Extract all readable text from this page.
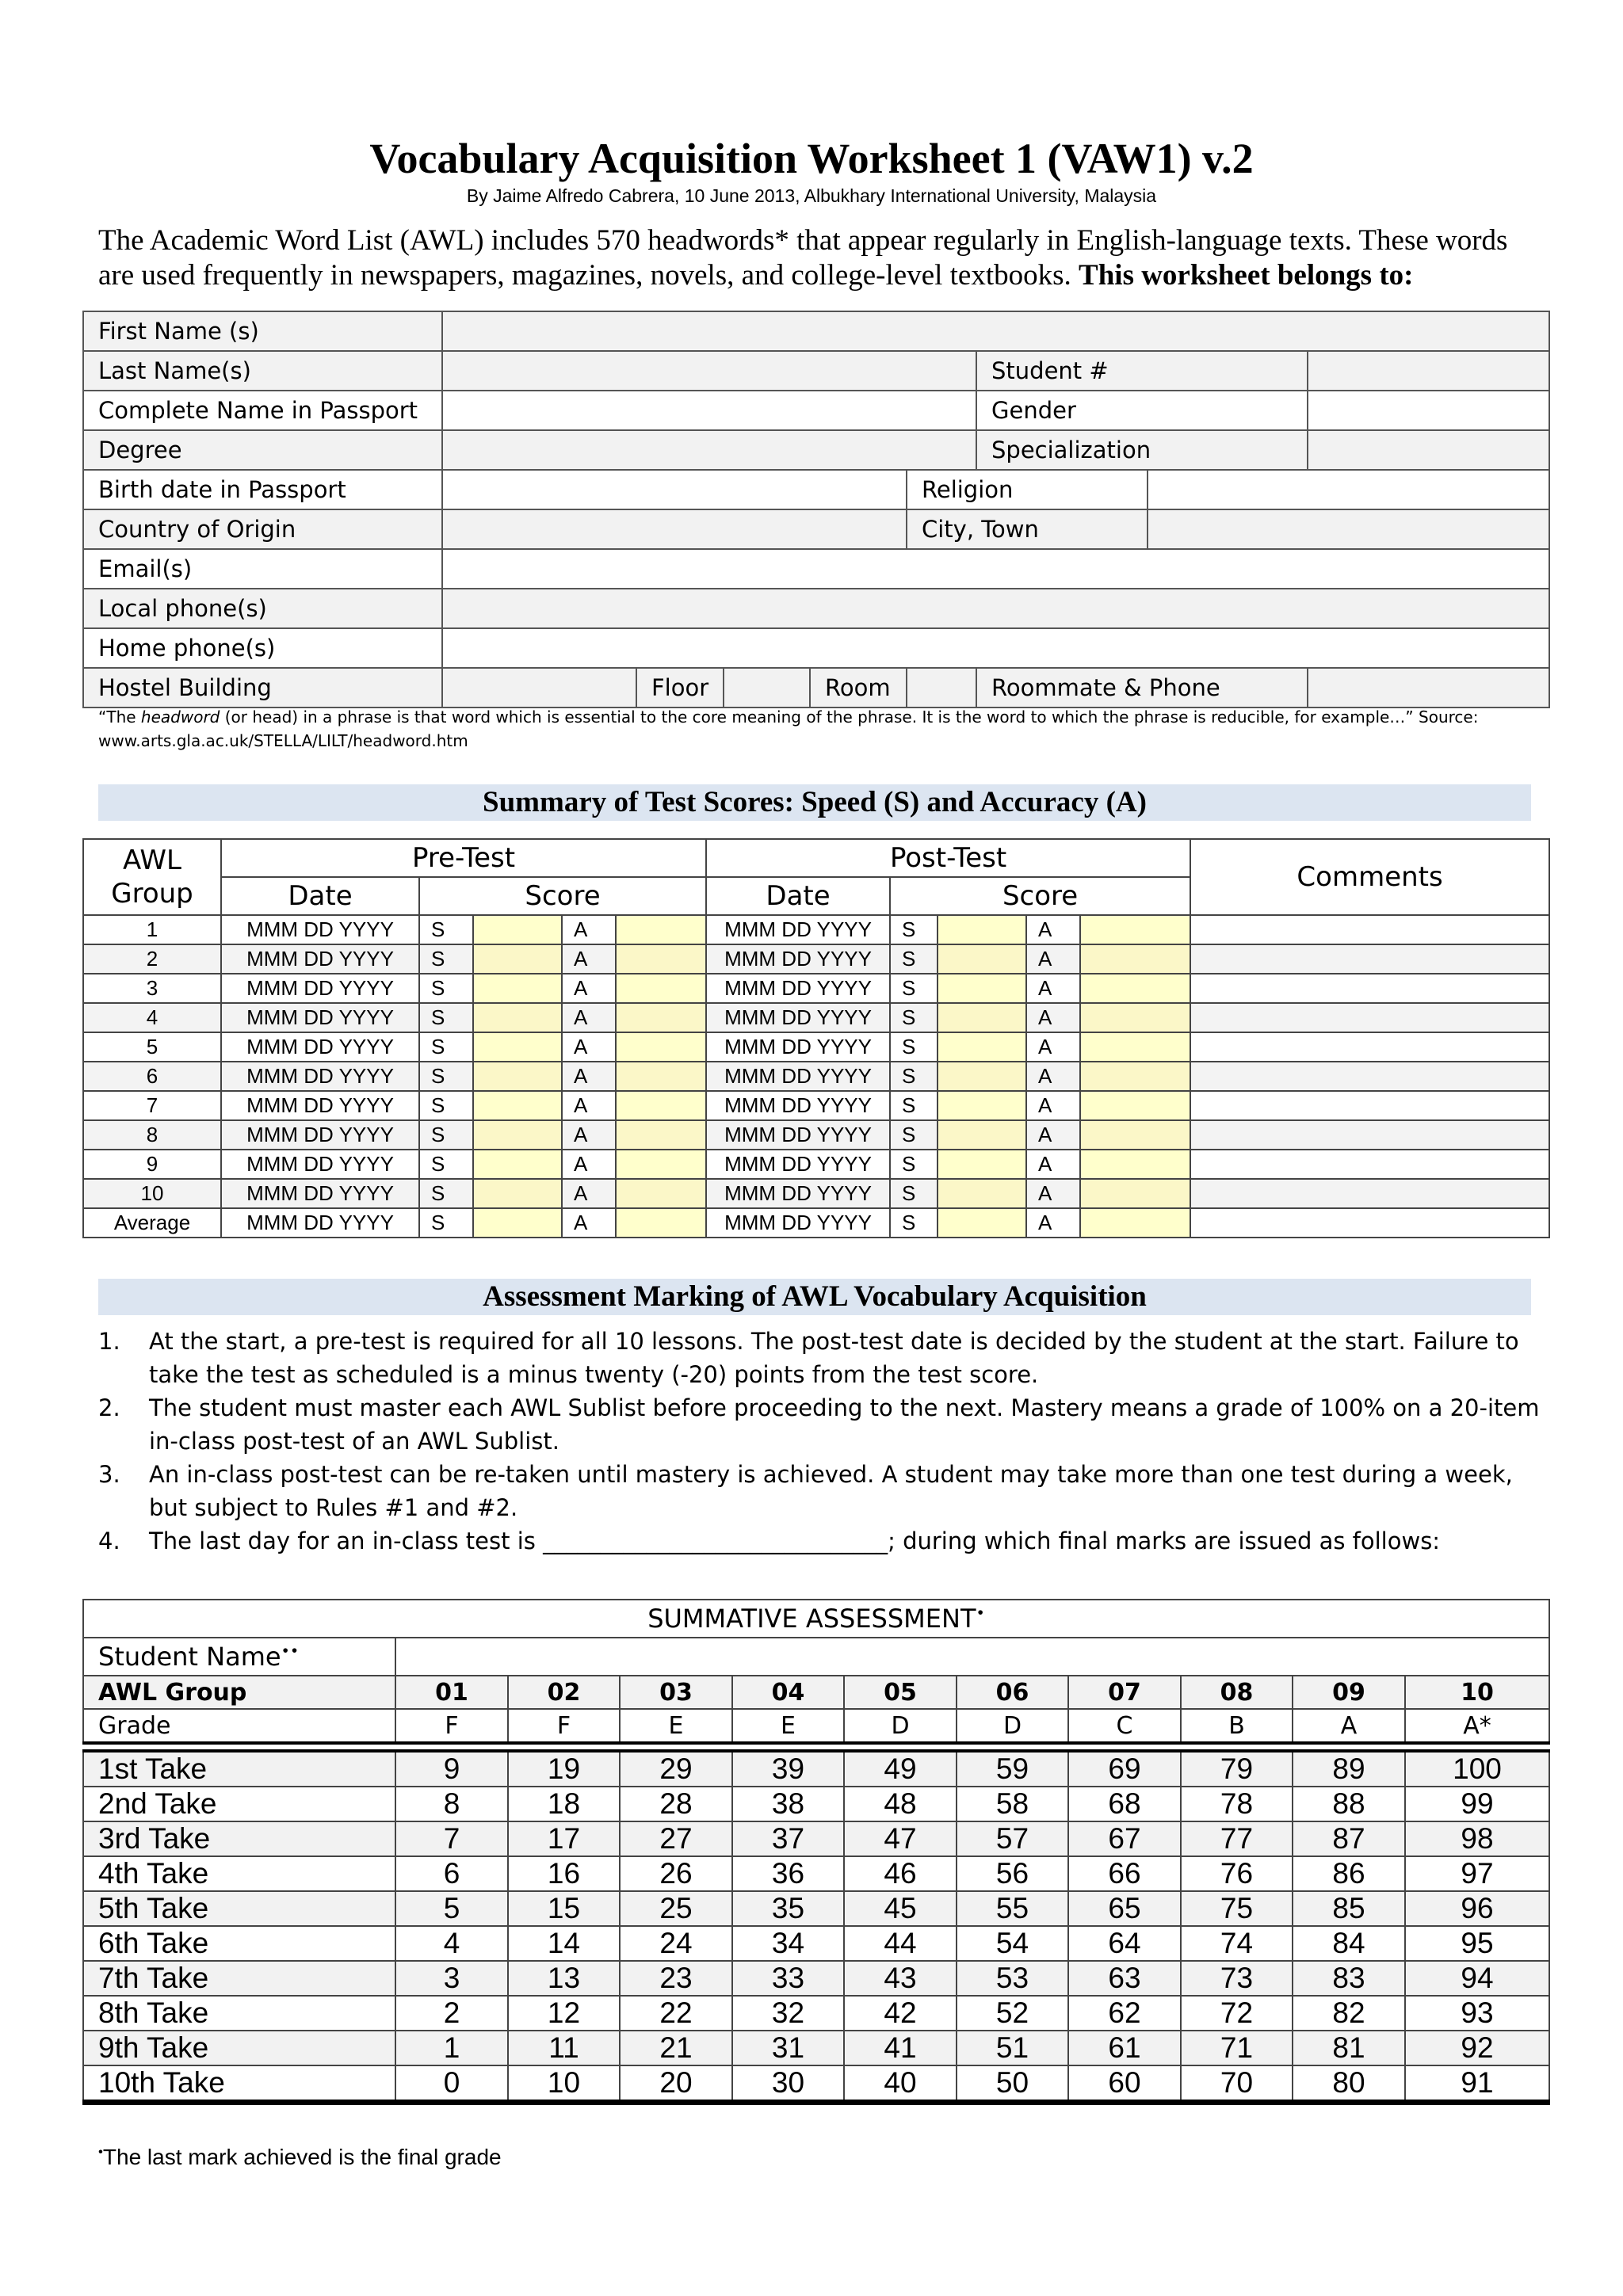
Vocabulary Acquisition Worksheet 1 (VAW1) v.2
By Jaime Alfredo Cabrera, 10 June 2013, Albukhary International University, Malaysia
The Academic Word List (AWL) includes 570 headwords* that appear regularly in English-language texts. These words are used frequently in newspapers, magazines, novels, and college-level textbooks. This worksheet belongs to:
First Name (s)								
Last Name(s)						Student #		
Complete Name in Passport						Gender		
Degree						Specialization		
Birth date in Passport					Religion			
Country of Origin					City, Town			
Email(s)								
Local phone(s)								
Home phone(s)								
Hostel Building		Floor		Room		Roommate & Phone		
“The headword (or head) in a phrase is that word which is essential to the core meaning of the phrase. It is the word to which the phrase is reducible, for example…” Source: www.arts.gla.ac.uk/STELLA/LILT/headword.htm
Summary of Test Scores: Speed (S) and Accuracy (A)
AWL Group	Pre-Test					Post-Test					Comments
	Date	Score				Date	Score				
1	MMM DD YYYY	S		A		MMM DD YYYY	S		A		
2	MMM DD YYYY	S		A		MMM DD YYYY	S		A		
3	MMM DD YYYY	S		A		MMM DD YYYY	S		A		
4	MMM DD YYYY	S		A		MMM DD YYYY	S		A		
5	MMM DD YYYY	S		A		MMM DD YYYY	S		A		
6	MMM DD YYYY	S		A		MMM DD YYYY	S		A		
7	MMM DD YYYY	S		A		MMM DD YYYY	S		A		
8	MMM DD YYYY	S		A		MMM DD YYYY	S		A		
9	MMM DD YYYY	S		A		MMM DD YYYY	S		A		
10	MMM DD YYYY	S		A		MMM DD YYYY	S		A		
Average	MMM DD YYYY	S		A		MMM DD YYYY	S		A		
Assessment Marking of AWL Vocabulary Acquisition
1. At the start, a pre-test is required for all 10 lessons. The post-test date is decided by the student at the start. Failure to take the test as scheduled is a minus twenty (-20) points from the test score.
2. The student must master each AWL Sublist before proceeding to the next. Mastery means a grade of 100% on a 20-item in-class post-test of an AWL Sublist.
3. An in-class post-test can be re-taken until mastery is achieved. A student may take more than one test during a week, but subject to Rules #1 and #2.
4. The last day for an in-class test is ______________________________; during which final marks are issued as follows:
SUMMATIVE ASSESSMENT•
Student Name••	
AWL Group	01	02	03	04	05	06	07	08	09	10
Grade	F	F	E	E	D	D	C	B	A	A*

1st Take	9	19	29	39	49	59	69	79	89	100
2nd Take	8	18	28	38	48	58	68	78	88	99
3rd Take	7	17	27	37	47	57	67	77	87	98
4th Take	6	16	26	36	46	56	66	76	86	97
5th Take	5	15	25	35	45	55	65	75	85	96
6th Take	4	14	24	34	44	54	64	74	84	95
7th Take	3	13	23	33	43	53	63	73	83	94
8th Take	2	12	22	32	42	52	62	72	82	93
9th Take	1	11	21	31	41	51	61	71	81	92
10th Take	0	10	20	30	40	50	60	70	80	91
•The last mark achieved is the final grade
